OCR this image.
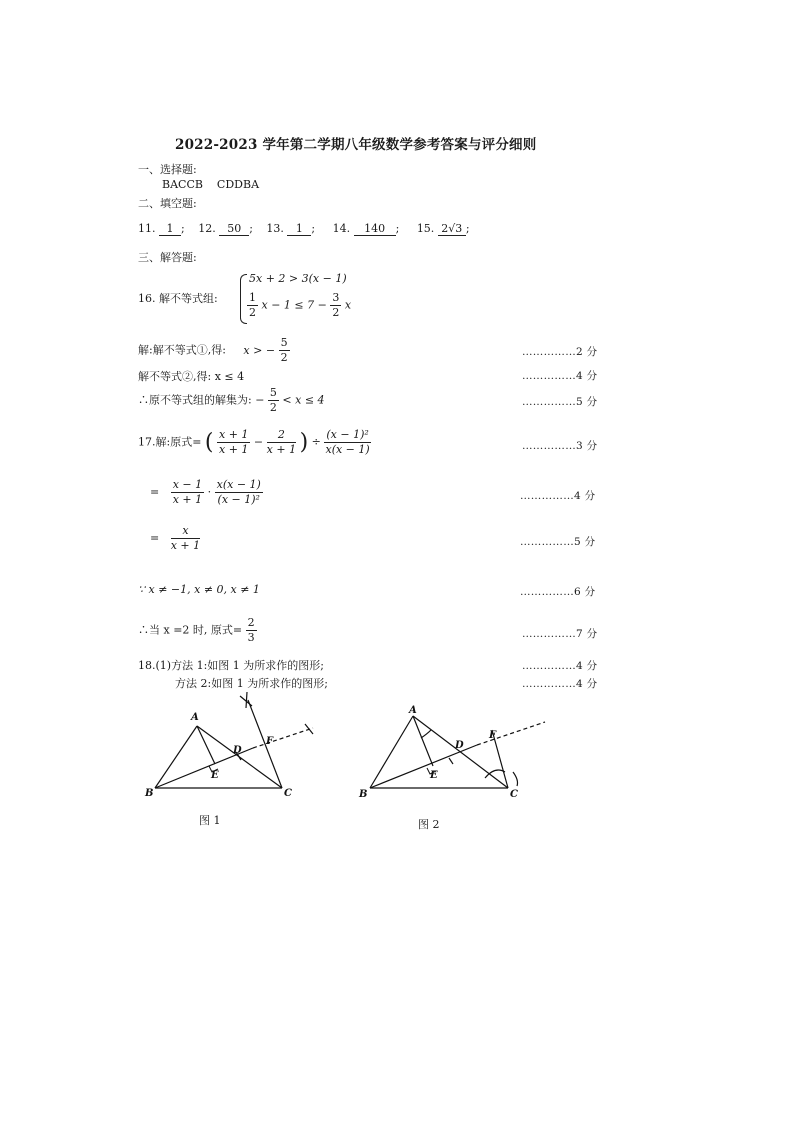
2022-2023 学年第二学期八年级数学参考答案与评分细则
一、选择题:
BACCB    CDDBA
二、填空题:
11. 1 ; 12. 50 ; 13. 1 ; 14. 140 ; 15. 2√3 ;
三、解答题:
16. 解不等式组:
5x + 2 > 3(x − 1)
$\frac{1}{2}$ $x - 1 \le 7 - \frac{3}{2}$ x
解:解不等式①,得: x > − $\frac{5}{2}$	……………2 分
解不等式②,得: x ≤ 4	……………4 分
∴原不等式组的解集为: − $\frac{5}{2} < x \le 4$	……………5 分
17.解:原式= ( $\frac{x + 1}{x + 1} - \frac{2}{x + 1}$ ) ÷ $\frac{\text{(x − 1)²}}{x(x - 1)}$	……………3 分
= $\frac{x - 1}{x + 1} \cdot \frac{x(x - 1)}{\text{(x − 1)²}}$	……………4 分
= $\frac{x}{x + 1}$	……………5 分
∵ x ≠ −1, x ≠ 0, x ≠ 1	……………6 分
∴当 x =2 时, 原式= $\frac{2}{3}$	……………7 分
18.(1)方法 1:如图 1 为所求作的图形;	……………4 分
方法 2:如图 1 为所求作的图形;	……………4 分
A
B	C
D
E
F
图 1
A
B	C
D
E
F
图 2
